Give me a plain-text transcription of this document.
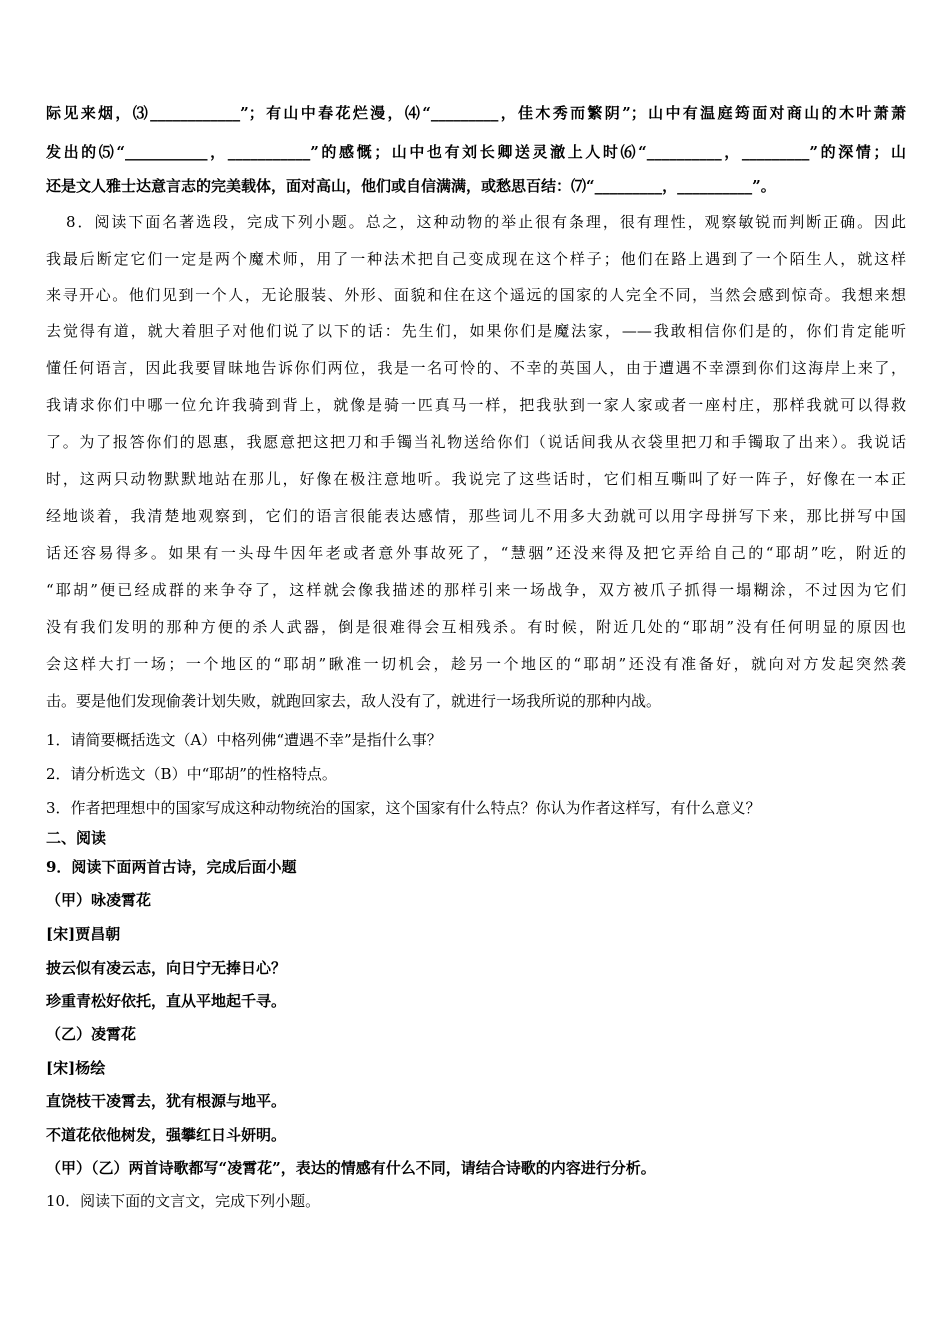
际见来烟，⑶____________”；有山中春花烂漫，⑷“_________，佳木秀而繁阴”；山中有温庭筠面对商山的木叶萧萧
发出的⑸“___________，___________”的感慨；山中也有刘长卿送灵澈上人时⑹“__________，_________”的深情；山
还是文人雅士达意言志的完美载体，面对高山，他们或自信满满，或愁思百结：⑺“_________，__________”。
8．阅读下面名著选段，完成下列小题。总之，这种动物的举止很有条理，很有理性，观察敏锐而判断正确。因此
我最后断定它们一定是两个魔术师，用了一种法术把自己变成现在这个样子；他们在路上遇到了一个陌生人，就这样
来寻开心。他们见到一个人，无论服装、外形、面貌和住在这个遥远的国家的人完全不同，当然会感到惊奇。我想来想
去觉得有道，就大着胆子对他们说了以下的话：先生们，如果你们是魔法家，——我敢相信你们是的，你们肯定能听
懂任何语言，因此我要冒昧地告诉你们两位，我是一名可怜的、不幸的英国人，由于遭遇不幸漂到你们这海岸上来了，
我请求你们中哪一位允许我骑到背上，就像是骑一匹真马一样，把我驮到一家人家或者一座村庄，那样我就可以得救
了。为了报答你们的恩惠，我愿意把这把刀和手镯当礼物送给你们（说话间我从衣袋里把刀和手镯取了出来）。我说话
时，这两只动物默默地站在那儿，好像在极注意地听。我说完了这些话时，它们相互嘶叫了好一阵子，好像在一本正
经地谈着，我清楚地观察到，它们的语言很能表达感情，那些词儿不用多大劲就可以用字母拼写下来，那比拼写中国
话还容易得多。如果有一头母牛因年老或者意外事故死了，“慧骃”还没来得及把它弄给自己的“耶胡”吃，附近的
“耶胡”便已经成群的来争夺了，这样就会像我描述的那样引来一场战争，双方被爪子抓得一塌糊涂，不过因为它们
没有我们发明的那种方便的杀人武器，倒是很难得会互相残杀。有时候，附近几处的“耶胡”没有任何明显的原因也
会这样大打一场；一个地区的“耶胡”瞅准一切机会，趁另一个地区的“耶胡”还没有准备好，就向对方发起突然袭
击。要是他们发现偷袭计划失败，就跑回家去，敌人没有了，就进行一场我所说的那种内战。
1．请简要概括选文（A）中格列佛“遭遇不幸”是指什么事？
2．请分析选文（B）中“耶胡”的性格特点。
3．作者把理想中的国家写成这种动物统治的国家，这个国家有什么特点？你认为作者这样写，有什么意义？
二、阅读
9．阅读下面两首古诗，完成后面小题
（甲）咏凌霄花
[宋]贾昌朝
披云似有凌云志，向日宁无捧日心？
珍重青松好依托，直从平地起千寻。
（乙）凌霄花
[宋]杨绘
直饶枝干凌霄去，犹有根源与地平。
不道花依他树发，强攀红日斗妍明。
（甲）（乙）两首诗歌都写“凌霄花”，表达的情感有什么不同，请结合诗歌的内容进行分析。
10．阅读下面的文言文，完成下列小题。
